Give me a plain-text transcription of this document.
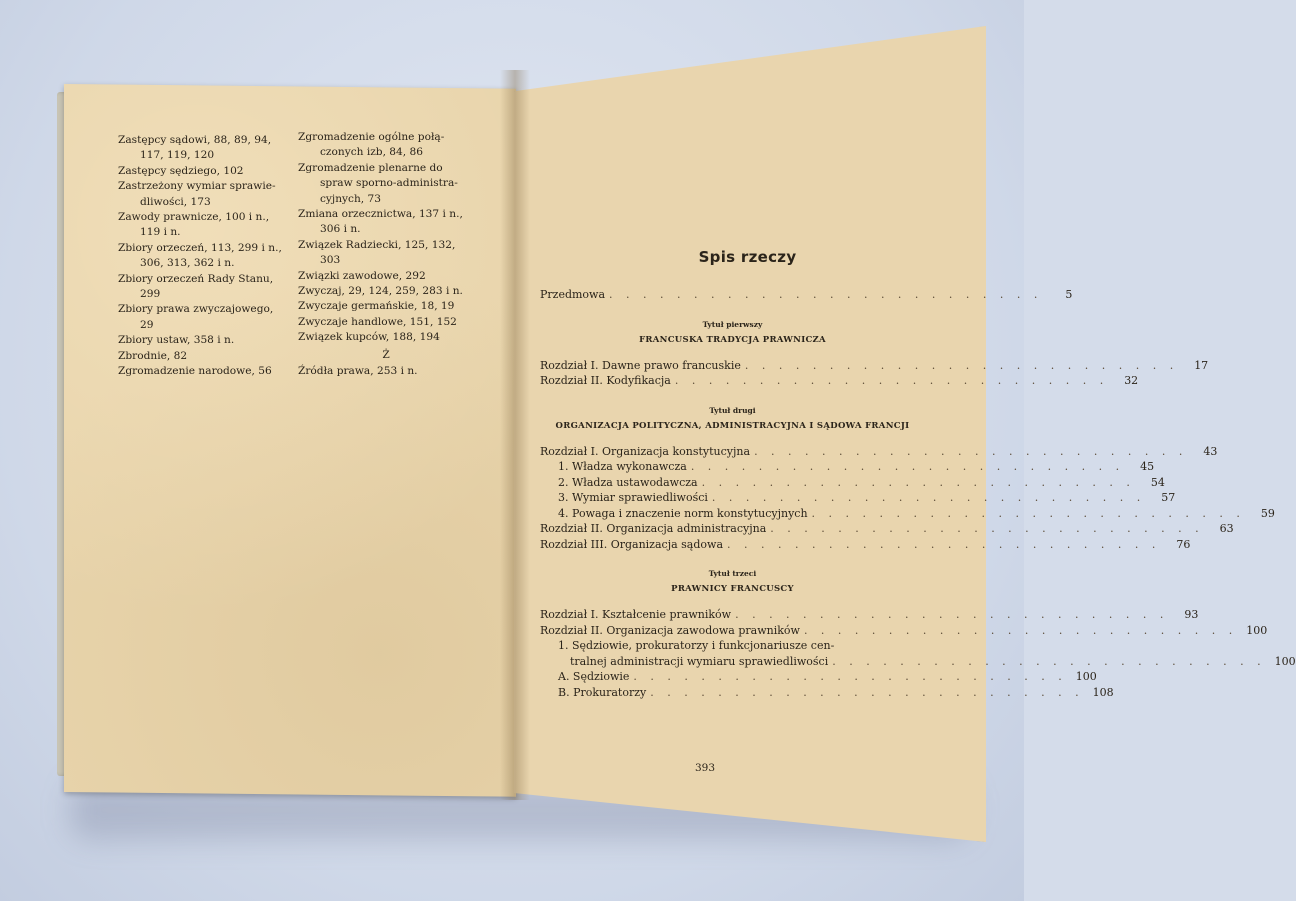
Zastępcy sądowi, 88, 89, 94,
117, 119, 120
Zastępcy sędziego, 102
Zastrzeżony wymiar sprawie-
dliwości, 173
Zawody prawnicze, 100 i n.,
119 i n.
Zbiory orzeczeń, 113, 299 i n.,
306, 313, 362 i n.
Zbiory orzeczeń Rady Stanu,
299
Zbiory prawa zwyczajowego,
29
Zbiory ustaw, 358 i n.
Zbrodnie, 82
Zgromadzenie narodowe, 56
Zgromadzenie ogólne połą-
czonych izb, 84, 86
Zgromadzenie plenarne do
spraw sporno-administra-
cyjnych, 73
Zmiana orzecznictwa, 137 i n.,
306 i n.
Związek Radziecki, 125, 132,
303
Związki zawodowe, 292
Zwyczaj, 29, 124, 259, 283 i n.
Zwyczaje germańskie, 18, 19
Zwyczaje handlowe, 151, 152
Związek kupców, 188, 194
Ż
Źródła prawa, 253 i n.
Spis rzeczy
Przedmowa . . . . . . . . . . . . . . . . . . . . . . . . . .	5
Tytuł pierwszy
FRANCUSKA TRADYCJA PRAWNICZA
Rozdział I. Dawne prawo francuskie . . . . . . . . . . . . . . . . . . . . . . . . . .	17
Rozdział II. Kodyfikacja . . . . . . . . . . . . . . . . . . . . . . . . . .	32
Tytuł drugi
ORGANIZACJA POLITYCZNA, ADMINISTRACYJNA I SĄDOWA FRANCJI
Rozdział I. Organizacja konstytucyjna . . . . . . . . . . . . . . . . . . . . . . . . . .	43
1. Władza wykonawcza . . . . . . . . . . . . . . . . . . . . . . . . . .	45
2. Władza ustawodawcza . . . . . . . . . . . . . . . . . . . . . . . . . .	54
3. Wymiar sprawiedliwości . . . . . . . . . . . . . . . . . . . . . . . . . .	57
4. Powaga i znaczenie norm konstytucyjnych . . . . . . . . . . . . . . . . . . . . . . . . . .	59
Rozdział II. Organizacja administracyjna . . . . . . . . . . . . . . . . . . . . . . . . . .	63
Rozdział III. Organizacja sądowa . . . . . . . . . . . . . . . . . . . . . . . . . .	76
Tytuł trzeci
PRAWNICY FRANCUSCY
Rozdział I. Kształcenie prawników . . . . . . . . . . . . . . . . . . . . . . . . . .	93
Rozdział II. Organizacja zawodowa prawników . . . . . . . . . . . . . . . . . . . . . . . . . . 100
1. Sędziowie, prokuratorzy i funkcjonariusze cen-
tralnej administracji wymiaru sprawiedliwości . . . . . . . . . . . . . . . . . . . . . . . . . . 100
A. Sędziowie . . . . . . . . . . . . . . . . . . . . . . . . . . 100
B. Prokuratorzy . . . . . . . . . . . . . . . . . . . . . . . . . . 108
393
